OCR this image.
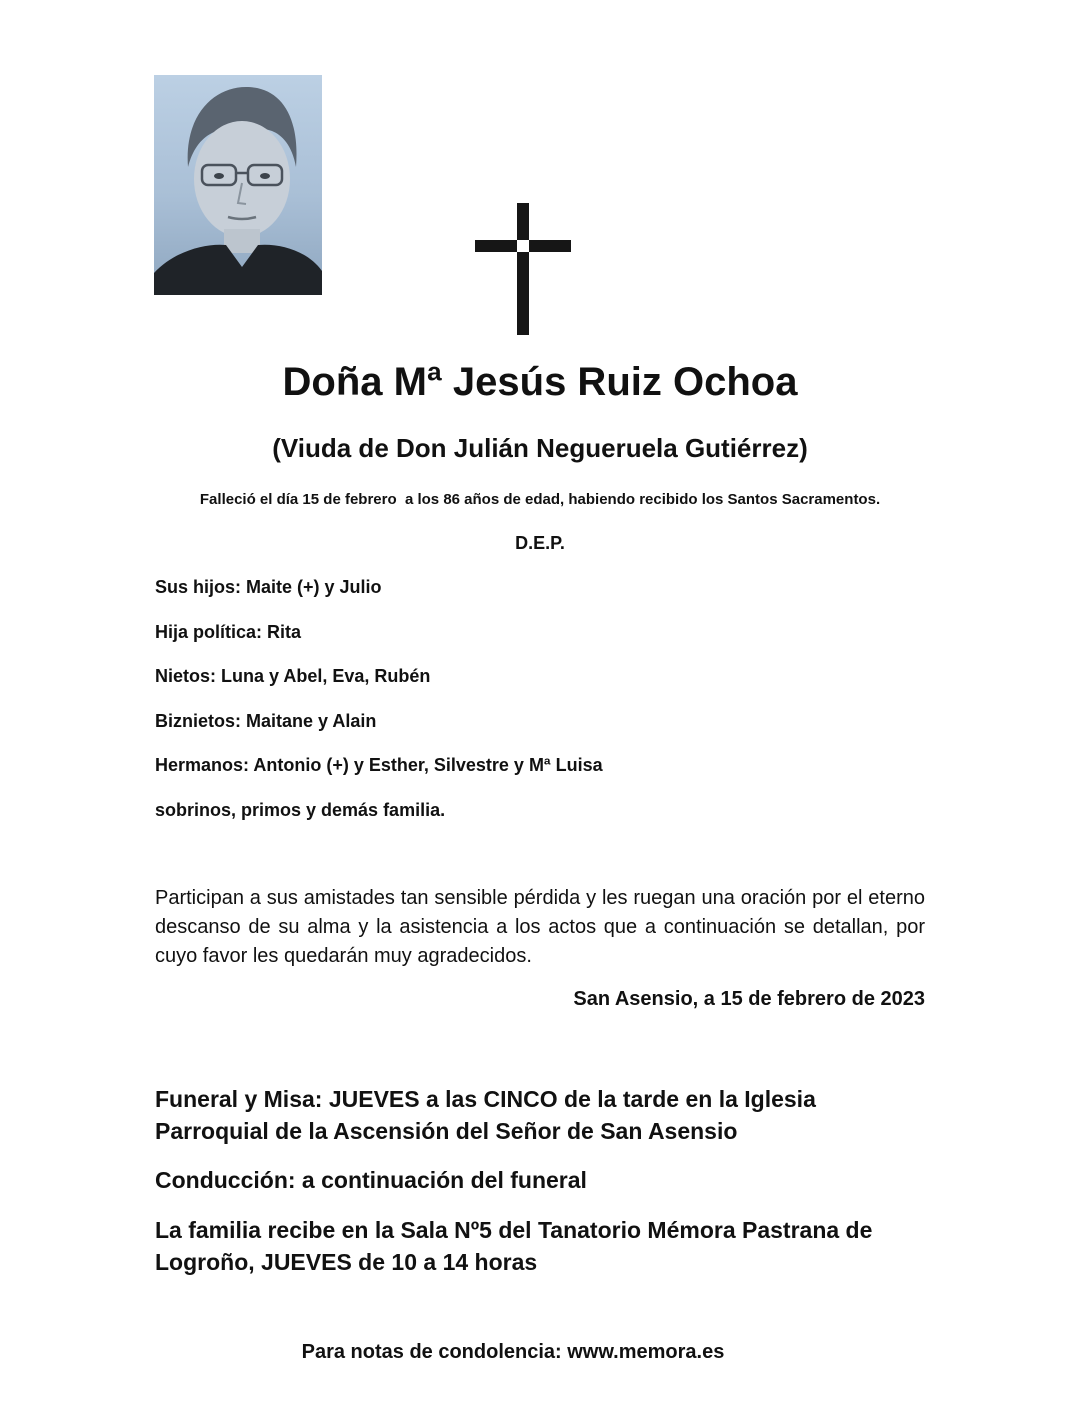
Doña Mª Jesús Ruiz Ochoa
(Viuda de Don Julián Negueruela Gutiérrez)
Falleció el día 15 de febrero  a los 86 años de edad, habiendo recibido los Santos Sacramentos.
D.E.P.
Sus hijos: Maite (+) y Julio
Hija política: Rita
Nietos: Luna y Abel, Eva, Rubén
Biznietos: Maitane y Alain
Hermanos: Antonio (+) y Esther, Silvestre y Mª Luisa
sobrinos, primos y demás familia.

Participan a sus amistades tan sensible pérdida y les ruegan una oración por el eterno descanso de su alma y la asistencia a los actos que a continuación se detallan, por cuyo favor les quedarán muy agradecidos.

San Asensio, a 15 de febrero de 2023

Funeral y Misa: JUEVES a las CINCO de la tarde en la Iglesia Parroquial de la Ascensión del Señor de San Asensio

Conducción: a continuación del funeral

La familia recibe en la Sala Nº5 del Tanatorio Mémora Pastrana de Logroño, JUEVES de 10 a 14 horas

Para notas de condolencia: www.memora.es
